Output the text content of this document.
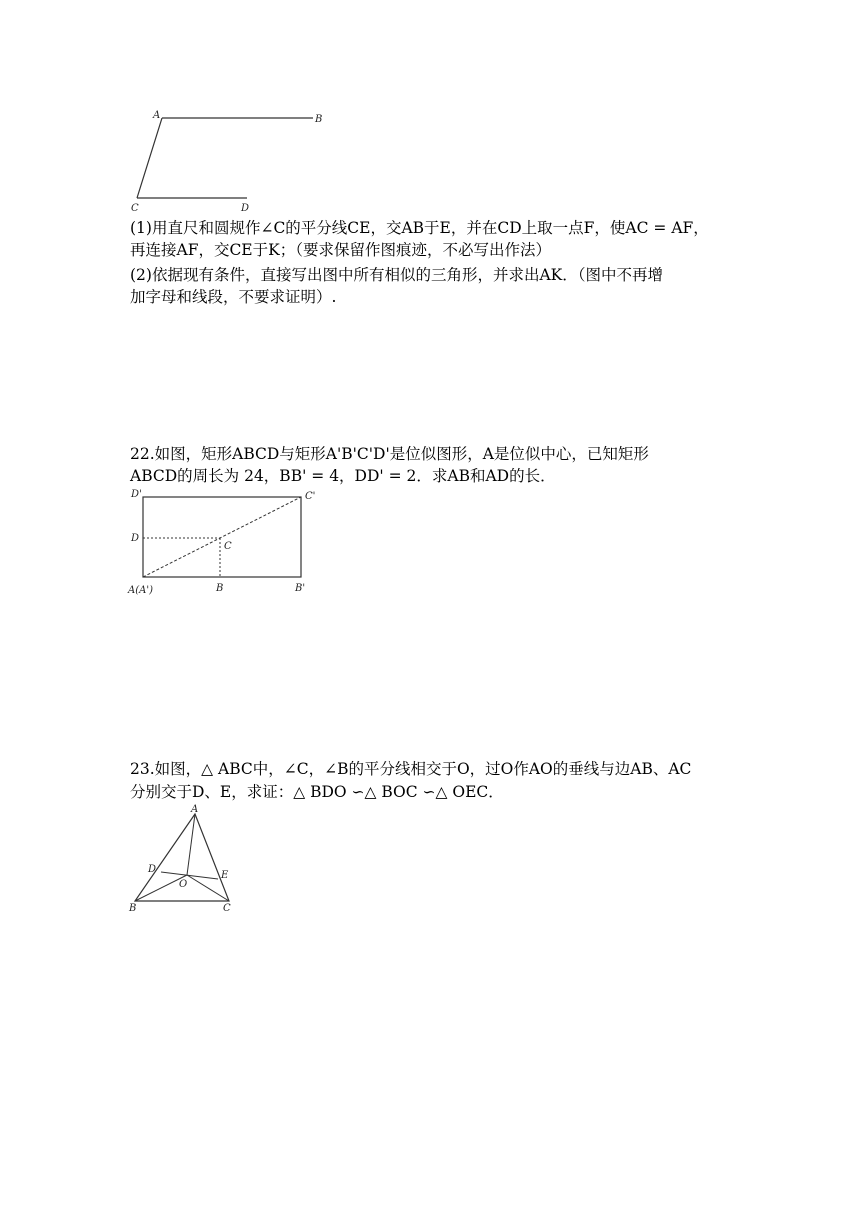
A	B
C	D
(1)用直尺和圆规作∠C的平分线CE，交AB于E，并在CD上取一点F，使AC = AF，
再连接AF，交CE于K；（要求保留作图痕迹，不必写出作法）
(2)依据现有条件，直接写出图中所有相似的三角形，并求出AK．（图中不再增
加字母和线段，不要求证明）.
22.如图，矩形ABCD与矩形A'B'C'D'是位似图形，A是位似中心，已知矩形
ABCD的周长为 24，BB' = 4，DD' = 2．求AB和AD的长．
D'	C'
D
C
A(A')	B	B'
23.如图，△ ABC中，∠C，∠B的平分线相交于O，过O作AO的垂线与边AB、AC
分别交于D、E，求证：△ BDO ∽△ BOC ∽△ OEC．
A
D
E
O
B	C
